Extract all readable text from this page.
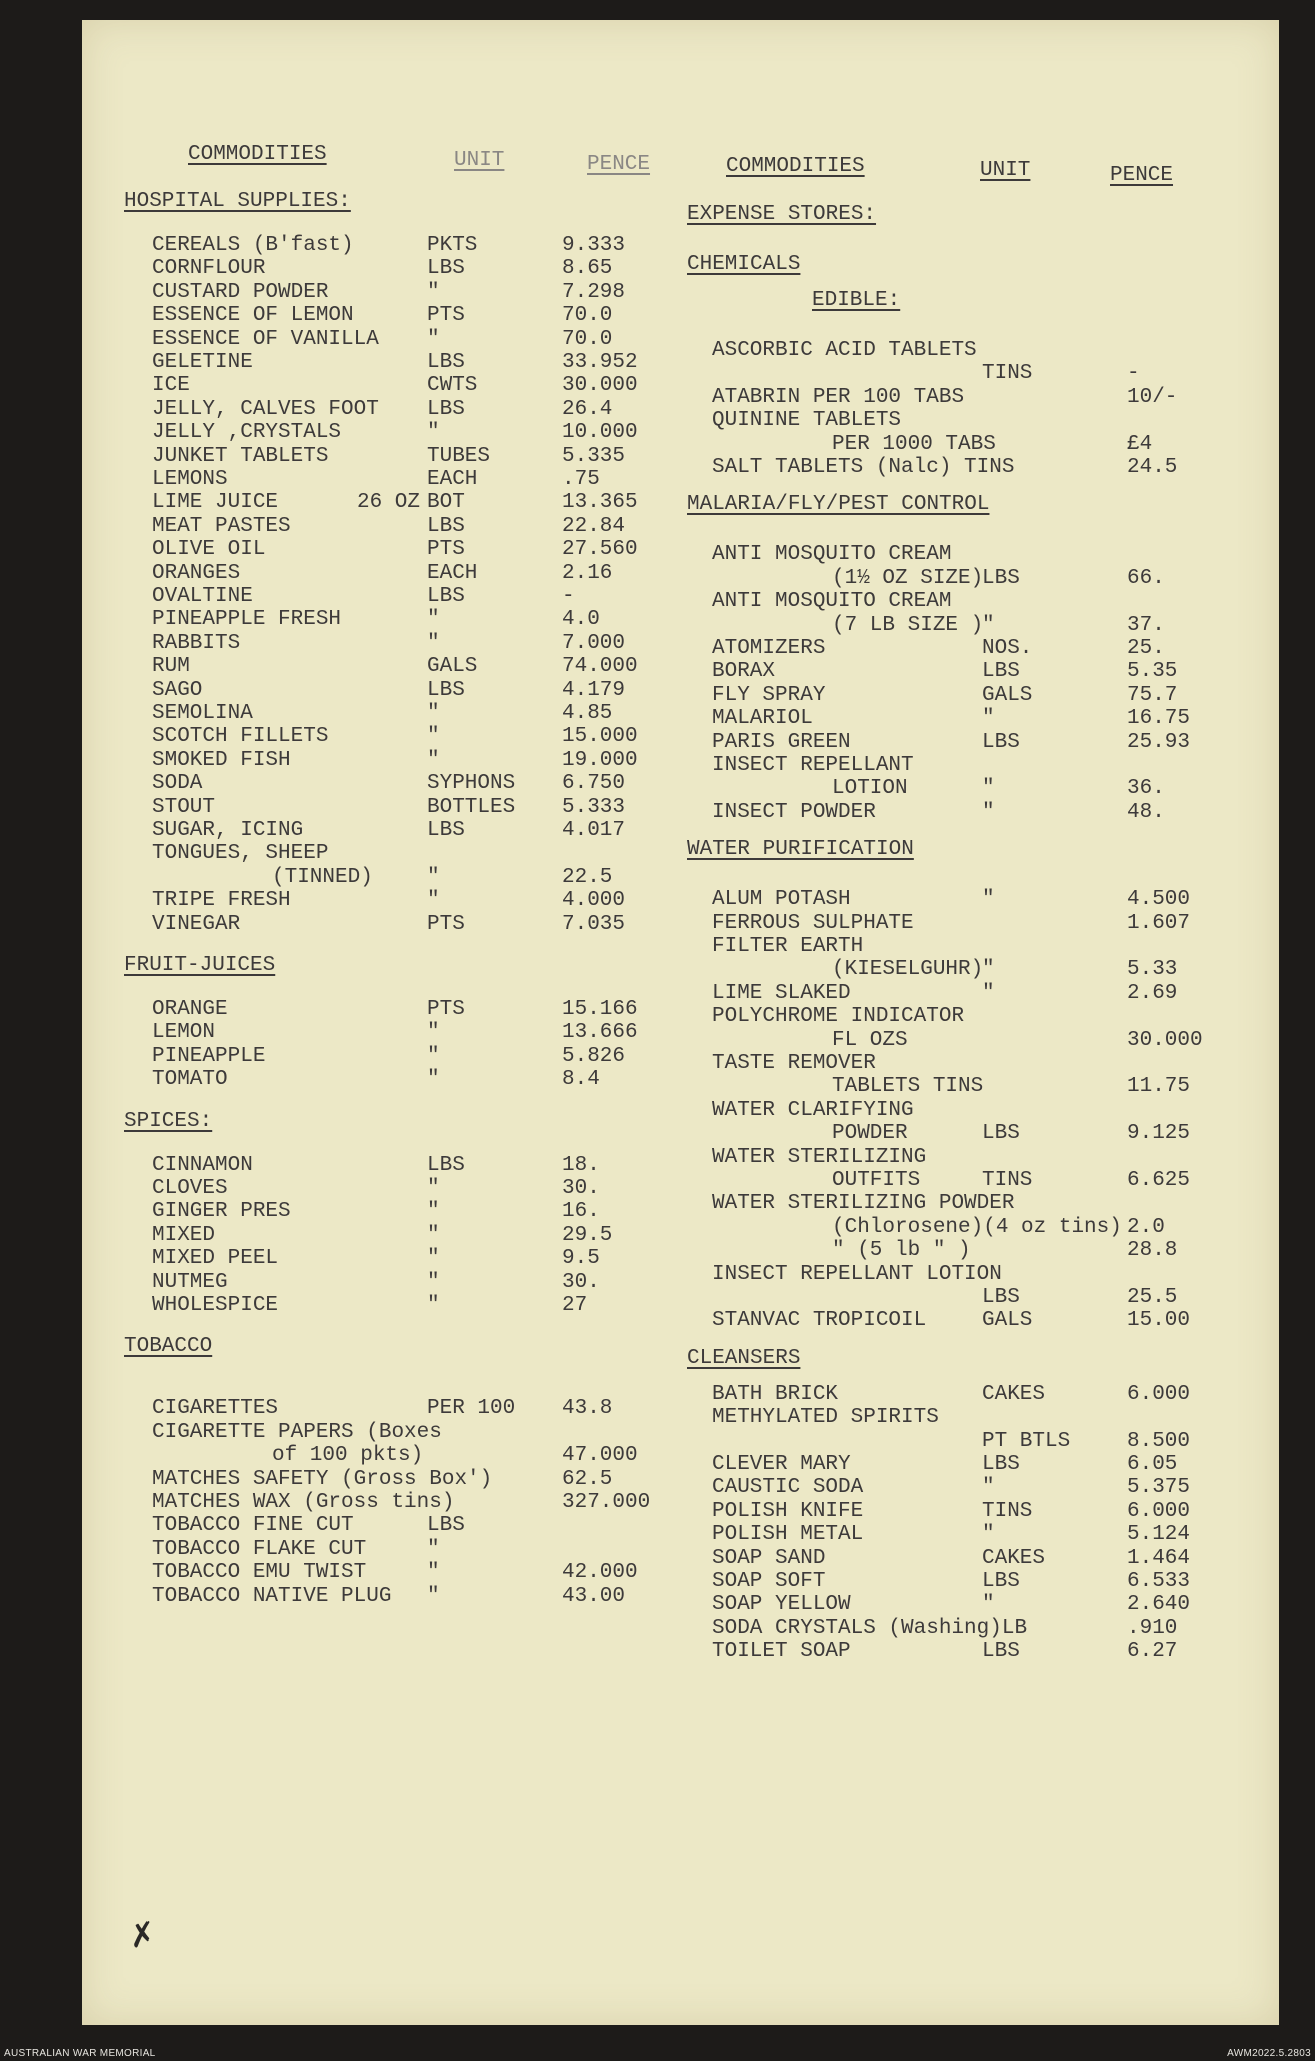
COMMODITIES	UNIT	PENCE	COMMODITIES	UNIT	PENCE
HOSPITAL SUPPLIES:
CEREALS (B'fast)	PKTS	9.333
CORNFLOUR	LBS	8.65
CUSTARD POWDER	"	7.298
ESSENCE OF LEMON	PTS	70.0
ESSENCE OF VANILLA "	70.0
GELETINE	LBS	33.952
ICE	CWTS	30.000
JELLY, CALVES FOOT LBS	26.4
JELLY ,CRYSTALS	"	10.000
JUNKET TABLETS	TUBES	5.335
LEMONS	EACH	.75
LIME JUICE	26 OZ BOT	13.365
MEAT PASTES	LBS	22.84
OLIVE OIL	PTS	27.560
ORANGES	EACH	2.16
OVALTINE	LBS	-
PINEAPPLE FRESH	"	4.0
RABBITS	"	7.000
RUM	GALS	74.000
SAGO	LBS	4.179
SEMOLINA	"	4.85
SCOTCH FILLETS	"	15.000
SMOKED FISH	"	19.000
SODA	SYPHONS 6.750
STOUT	BOTTLES 5.333
SUGAR, ICING	LBS	4.017
TONGUES, SHEEP
(TINNED)	"	22.5
TRIPE FRESH	"	4.000
VINEGAR	PTS	7.035
FRUIT-JUICES
ORANGE	PTS	15.166
LEMON	"	13.666
PINEAPPLE	"	5.826
TOMATO	"	8.4
SPICES:
CINNAMON	LBS	18.
CLOVES	"	30.
GINGER PRES	"	16.
MIXED	"	29.5
MIXED PEEL	"	9.5
NUTMEG	"	30.
WHOLESPICE	"	27
TOBACCO
CIGARETTES	PER 100 43.8
CIGARETTE PAPERS (Boxes
of 100 pkts)	47.000
MATCHES SAFETY (Gross Box')	62.5
MATCHES WAX (Gross tins)	327.000
TOBACCO FINE CUT	LBS
TOBACCO FLAKE CUT	"
TOBACCO EMU TWIST	"	42.000
TOBACCO NATIVE PLUG "	43.00
EXPENSE STORES:
CHEMICALS
EDIBLE:
ASCORBIC ACID TABLETS
TINS	-
ATABRIN PER 100 TABS	10/-
QUININE TABLETS
PER 1000 TABS	£4
SALT TABLETS (Nalc) TINS	24.5
MALARIA/FLY/PEST CONTROL
ANTI MOSQUITO CREAM
(1½ OZ SIZE)
LBS	66.
ANTI MOSQUITO CREAM
(7 LB SIZE )
"	37.
ATOMIZERS	NOS.	25.
BORAX	LBS	5.35
FLY SPRAY	GALS	75.7
MALARIOL	"	16.75
PARIS GREEN	LBS	25.93
INSECT REPELLANT
LOTION	"	36.
INSECT POWDER	"	48.
WATER PURIFICATION
ALUM POTASH	"	4.500
FERROUS SULPHATE	1.607
FILTER EARTH
(KIESELGUHR)
"	5.33
LIME SLAKED	"	2.69
POLYCHROME INDICATOR
FL OZS	30.000
TASTE REMOVER
TABLETS TINS	11.75
WATER CLARIFYING
POWDER	LBS	9.125
WATER STERILIZING
OUTFITS	TINS	6.625
WATER STERILIZING POWDER
(Chlorosene)(4 oz tins) 2.0
" (5 lb " )	28.8
INSECT REPELLANT LOTION
LBS	25.5
STANVAC TROPICOIL	GALS	15.00
CLEANSERS
BATH BRICK	CAKES	6.000
METHYLATED SPIRITS
PT BTLS	8.500
CLEVER MARY	LBS	6.05
CAUSTIC SODA	"	5.375
POLISH KNIFE	TINS	6.000
POLISH METAL	"	5.124
SOAP SAND	CAKES	1.464
SOAP SOFT	LBS	6.533
SOAP YELLOW	"	2.640
SODA CRYSTALS (Washing)LB	.910
TOILET SOAP	LBS	6.27
✗
AUSTRALIAN WAR MEMORIAL	AWM2022.5.2803
